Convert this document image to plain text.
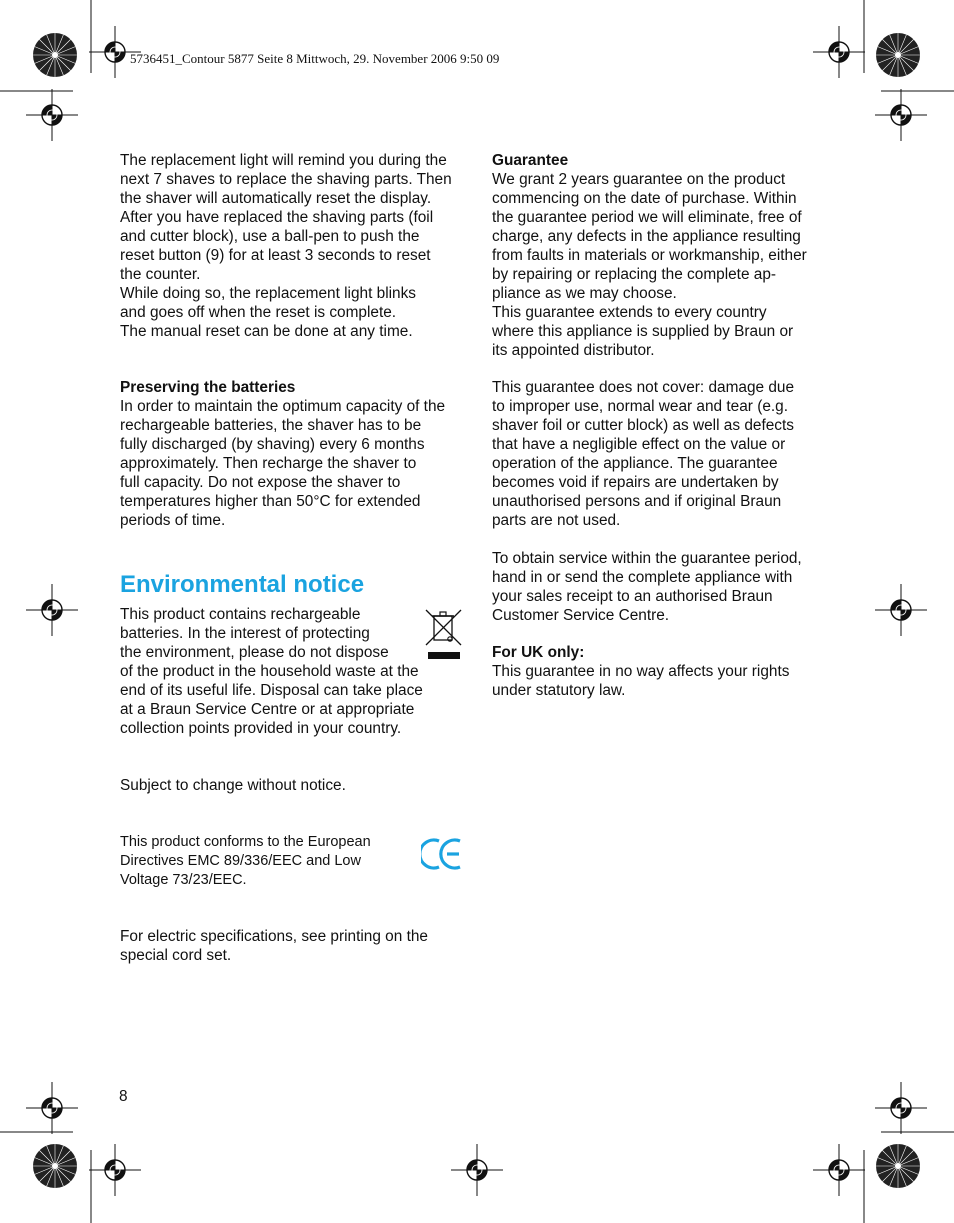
5736451_Contour 5877 Seite 8 Mittwoch, 29. November 2006 9:50 09

The replacement light will remind you during the
next 7 shaves to replace the shaving parts. Then
the shaver will automatically reset the display.
After you have replaced the shaving parts (foil
and cutter block), use a ball-pen to push the
reset button (9) for at least 3 seconds to reset
the counter.
While doing so, the replacement light blinks
and goes off when the reset is complete.
The manual reset can be done at any time.

Preserving the batteries

In order to maintain the optimum capacity of the
rechargeable batteries, the shaver has to be
fully discharged (by shaving) every 6 months
approximately. Then recharge the shaver to
full capacity. Do not expose the shaver to
temperatures higher than 50°C for extended
periods of time.

Environmental notice

This product contains rechargeable
batteries. In the interest of protecting
the environment, please do not dispose

of the product in the household waste at the
end of its useful life. Disposal can take place
at a Braun Service Centre or at appropriate
collection points provided in your country.

Subject to change without notice.

This product conforms to the European
Directives EMC 89/336/EEC and Low
Voltage 73/23/EEC.

For electric specifications, see printing on the
special cord set.

Guarantee

We grant 2 years guarantee on the product
commencing on the date of purchase. Within
the guarantee period we will eliminate, free of
charge, any defects in the appliance resulting
from faults in materials or workmanship, either
by repairing or replacing the complete ap-
pliance as we may choose.
This guarantee extends to every country
where this appliance is supplied by Braun or
its appointed distributor.

This guarantee does not cover: damage due
to improper use, normal wear and tear (e.g.
shaver foil or cutter block) as well as defects
that have a negligible effect on the value or
operation of the appliance. The guarantee
becomes void if repairs are undertaken by
unauthorised persons and if original Braun
parts are not used.

To obtain service within the guarantee period,
hand in or send the complete appliance with
your sales receipt to an authorised Braun
Customer Service Centre.

For UK only:

This guarantee in no way affects your rights
under statutory law.

8
